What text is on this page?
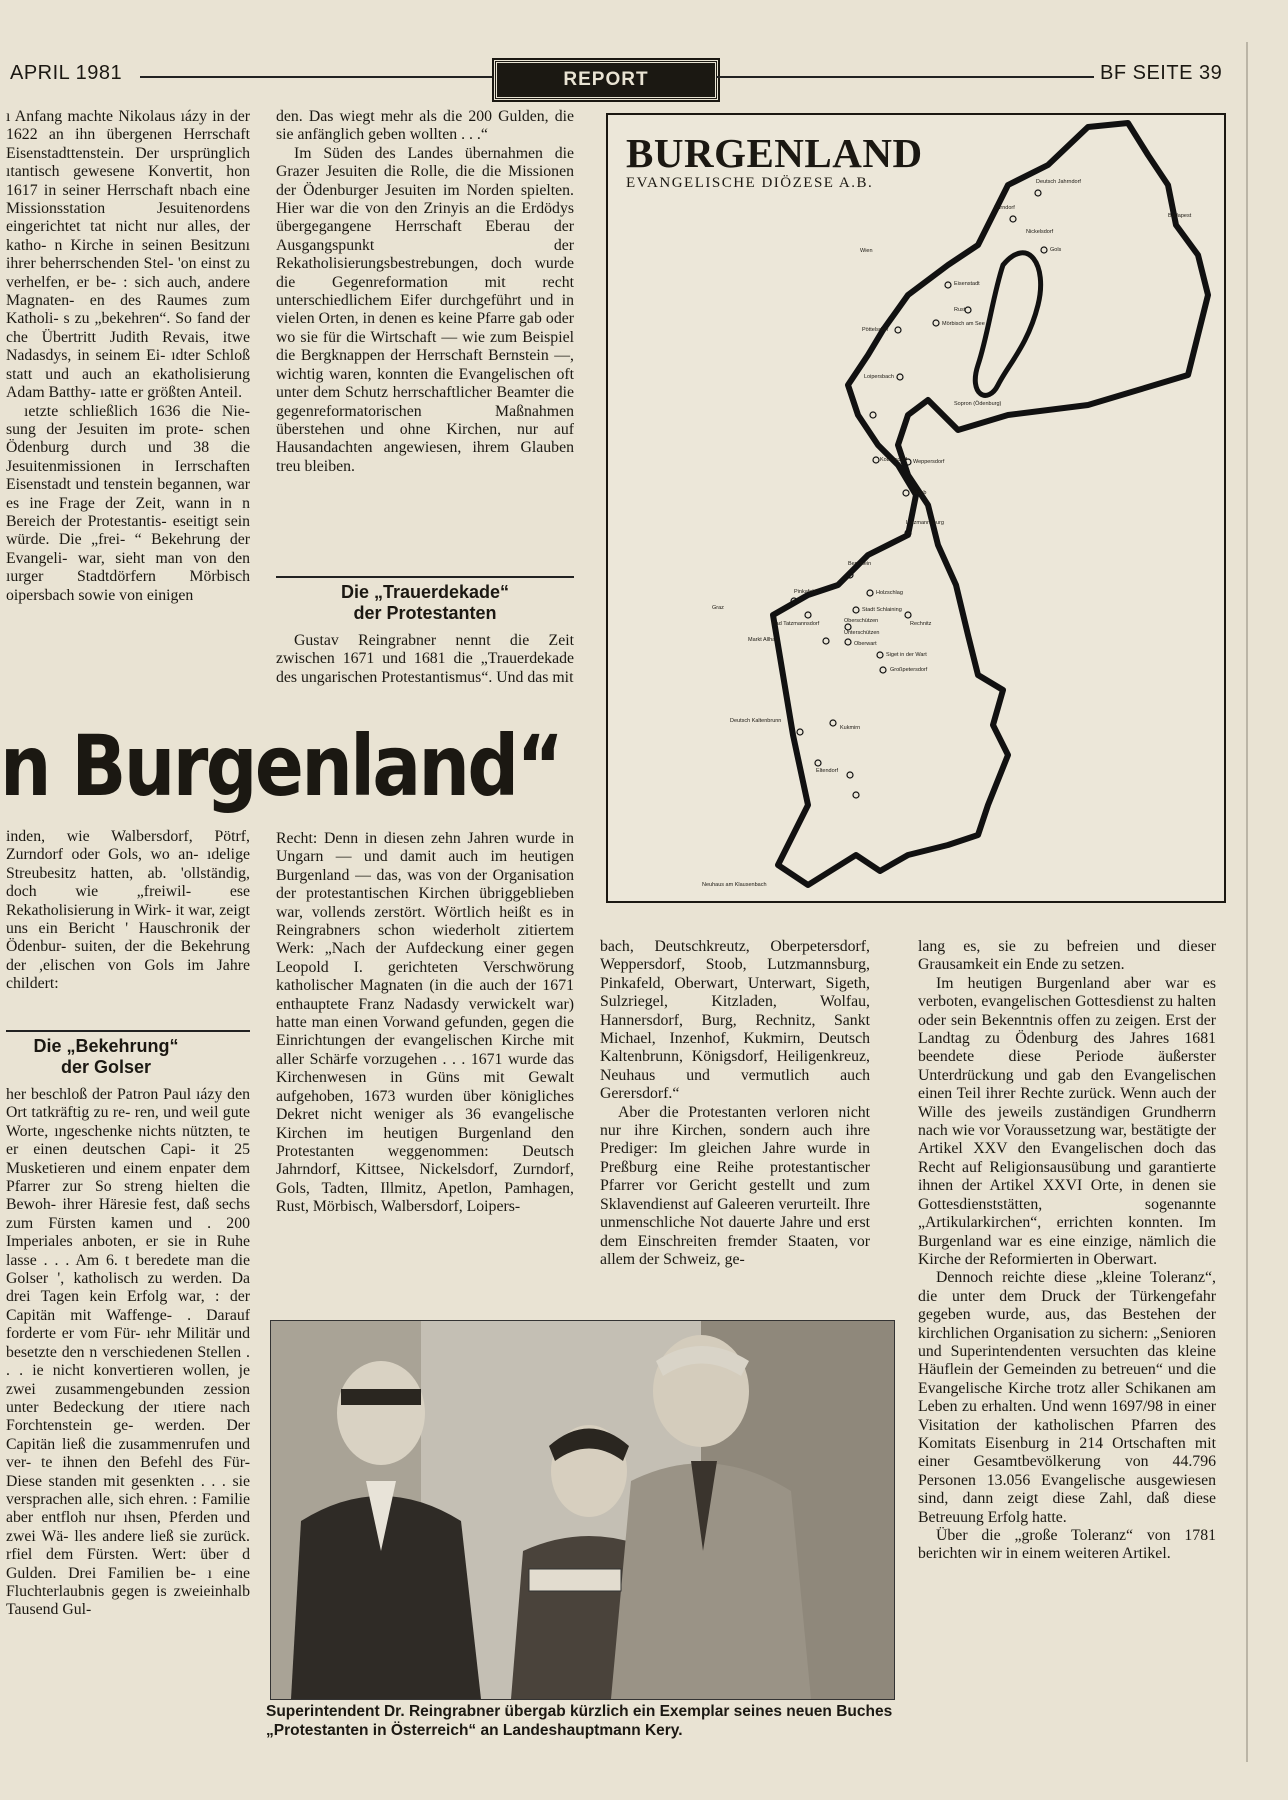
APRIL 1981	REPORT	BF SEITE 39

ı Anfang machte Nikolaus ıázy in der 1622 an ihn übergenen Herrschaft Eisenstadttenstein. Der ursprünglich ıtantisch gewesene Konvertit, hon 1617 in seiner Herrschaft nbach eine Missionsstation Jesuitenordens eingerichtet tat nicht nur alles, der katho- n Kirche in seinen Besitzunı ihrer beherrschenden Stel- 'on einst zu verhelfen, er be- : sich auch, andere Magnaten- en des Raumes zum Katholi- s zu „bekehren“. So fand der che Übertritt Judith Revais, itwe Nadasdys, in seinem Ei- ıdter Schloß statt und auch an ekatholisierung Adam Batthy- ıatte er größten Anteil.

ıetzte schließlich 1636 die Nie- sung der Jesuiten im prote- schen Ödenburg durch und 38 die Jesuitenmissionen in Ierrschaften Eisenstadt und tenstein begannen, war es ine Frage der Zeit, wann in n Bereich der Protestantis- eseitigt sein würde. Die „frei- “ Bekehrung der Evangeli- war, sieht man von den ıurger Stadtdörfern Mörbisch oipersbach sowie von einigen

den. Das wiegt mehr als die 200 Gulden, die sie anfänglich geben wollten . . .“

Im Süden des Landes übernahmen die Grazer Jesuiten die Rolle, die die Missionen der Ödenburger Jesuiten im Norden spielten. Hier war die von den Zrinyis an die Erdödys übergegangene Herrschaft Eberau der Ausgangspunkt der Rekatholisierungsbestrebungen, doch wurde die Gegenreformation mit recht unterschiedlichem Eifer durchgeführt und in vielen Orten, in denen es keine Pfarre gab oder wo sie für die Wirtschaft — wie zum Beispiel die Bergknappen der Herrschaft Bernstein —, wichtig waren, konnten die Evangelischen oft unter dem Schutz herrschaftlicher Beamter die gegenreformatorischen Maßnahmen überstehen und ohne Kirchen, nur auf Hausandachten angewiesen, ihrem Glauben treu bleiben.

Die „Trauerdekade“
der Protestanten

Gustav Reingrabner nennt die Zeit zwischen 1671 und 1681 die „Trauerdekade des ungarischen Protestantismus“. Und das mit

n Burgenland“
BURGENLAND
EVANGELISCHE DIÖZESE A.B.	Deutsch Jahrndorf
Zurndorf
Nickelsdorf
Gols
Eisenstadt
Rust
Mörbisch am See
Pöttelsdorf
Loipersbach
Sopron (Ödenburg)
Kobersdorf Weppersdorf
Stoob
Lutzmannsburg
Bernstein
Holzschlag
Pinkafeld
Stadt Schlaining
Oberschützen
Bad Tatzmannsdorf	Rechnitz
Unterschützen
Markt Allhau
Oberwart
Siget in der Wart
Großpetersdorf
Deutsch Kaltenbrunn
Kukmirn
Eltendorf
Neuhaus am Klausenbach
Budapest
Wien
Graz

inden, wie Walbersdorf, Pötrf, Zurndorf oder Gols, wo an- ıdelige Streubesitz hatten, ab. 'ollständig, doch wie „freiwil- ese Rekatholisierung in Wirk- it war, zeigt uns ein Bericht ' Hauschronik der Ödenbur- suiten, der die Bekehrung der ,elischen von Gols im Jahre childert:

Die „Bekehrung“
der Golser

her beschloß der Patron Paul ıázy den Ort tatkräftig zu re- ren, und weil gute Worte, ıngeschenke nichts nützten, te er einen deutschen Capi- it 25 Musketieren und einem enpater dem Pfarrer zur So streng hielten die Bewoh- ihrer Häresie fest, daß sechs zum Fürsten kamen und . 200 Imperiales anboten, er sie in Ruhe lasse . . . Am 6. t beredete man die Golser ', katholisch zu werden. Da drei Tagen kein Erfolg war, : der Capitän mit Waffenge- . Darauf forderte er vom Für- ıehr Militär und besetzte den n verschiedenen Stellen . . . ie nicht konvertieren wollen, je zwei zusammengebunden zession unter Bedeckung der ıtiere nach Forchtenstein ge- werden. Der Capitän ließ die zusammenrufen und ver- te ihnen den Befehl des Für- Diese standen mit gesenkten . . . sie versprachen alle, sich ehren. : Familie aber entfloh nur ıhsen, Pferden und zwei Wä- lles andere ließ sie zurück. rfiel dem Fürsten. Wert: über d Gulden. Drei Familien be- ı eine Fluchterlaubnis gegen is zweieinhalb Tausend Gul-

Recht: Denn in diesen zehn Jahren wurde in Ungarn — und damit auch im heutigen Burgenland — das, was von der Organisation der protestantischen Kirchen übriggeblieben war, vollends zerstört. Wörtlich heißt es in Reingrabners schon wiederholt zitiertem Werk: „Nach der Aufdeckung einer gegen Leopold I. gerichteten Verschwörung katholischer Magnaten (in die auch der 1671 enthauptete Franz Nadasdy verwickelt war) hatte man einen Vorwand gefunden, gegen die Einrichtungen der evangelischen Kirche mit aller Schärfe vorzugehen . . . 1671 wurde das Kirchenwesen in Güns mit Gewalt aufgehoben, 1673 wurden über königliches Dekret nicht weniger als 36 evangelische Kirchen im heutigen Burgenland den Protestanten weggenommen: Deutsch Jahrndorf, Kittsee, Nickelsdorf, Zurndorf, Gols, Tadten, Illmitz, Apetlon, Pamhagen, Rust, Mörbisch, Walbersdorf, Loipers-

bach, Deutschkreutz, Oberpetersdorf, Weppersdorf, Stoob, Lutzmannsburg, Pinkafeld, Oberwart, Unterwart, Sigeth, Sulzriegel, Kitzladen, Wolfau, Hannersdorf, Burg, Rechnitz, Sankt Michael, Inzenhof, Kukmirn, Deutsch Kaltenbrunn, Königsdorf, Heiligenkreuz, Neuhaus und vermutlich auch Gerersdorf.“

Aber die Protestanten verloren nicht nur ihre Kirchen, sondern auch ihre Prediger: Im gleichen Jahre wurde in Preßburg eine Reihe protestantischer Pfarrer vor Gericht gestellt und zum Sklavendienst auf Galeeren verurteilt. Ihre unmenschliche Not dauerte Jahre und erst dem Einschreiten fremder Staaten, vor allem der Schweiz, ge-

lang es, sie zu befreien und dieser Grausamkeit ein Ende zu setzen.

Im heutigen Burgenland aber war es verboten, evangelischen Gottesdienst zu halten oder sein Bekenntnis offen zu zeigen. Erst der Landtag zu Ödenburg des Jahres 1681 beendete diese Periode äußerster Unterdrückung und gab den Evangelischen einen Teil ihrer Rechte zurück. Wenn auch der Wille des jeweils zuständigen Grundherrn nach wie vor Voraussetzung war, bestätigte der Artikel XXV den Evangelischen doch das Recht auf Religionsausübung und garantierte ihnen der Artikel XXVI Orte, in denen sie Gottesdienststätten, sogenannte „Artikularkirchen“, errichten konnten. Im Burgenland war es eine einzige, nämlich die Kirche der Reformierten in Oberwart.

Dennoch reichte diese „kleine Toleranz“, die unter dem Druck der Türkengefahr gegeben wurde, aus, das Bestehen der kirchlichen Organisation zu sichern: „Senioren und Superintendenten versuchten das kleine Häuflein der Gemeinden zu betreuen“ und die Evangelische Kirche trotz aller Schikanen am Leben zu erhalten. Und wenn 1697/98 in einer Visitation der katholischen Pfarren des Komitats Eisenburg in 214 Ortschaften mit einer Gesamtbevölkerung von 44.796 Personen 13.056 Evangelische ausgewiesen sind, dann zeigt diese Zahl, daß diese Betreuung Erfolg hatte.

Über die „große Toleranz“ von 1781 berichten wir in einem weiteren Artikel.

Superintendent Dr. Reingrabner übergab kürzlich ein Exemplar seines neuen Buches „Protestanten in Österreich“ an Landeshauptmann Kery.
